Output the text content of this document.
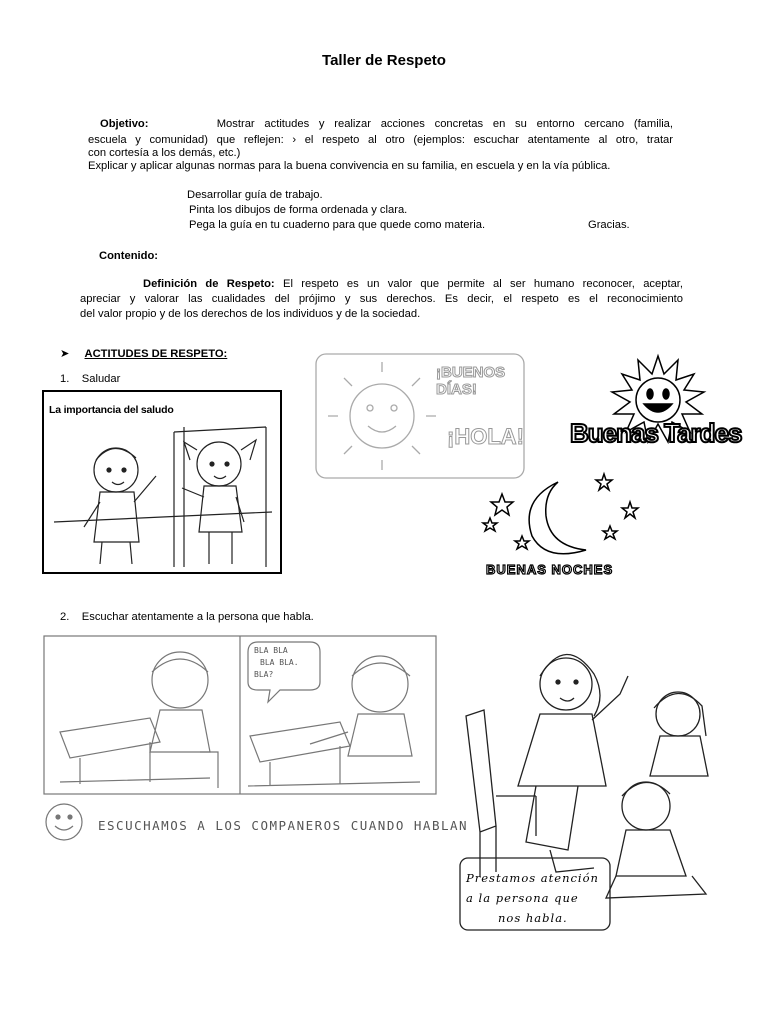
Taller de Respeto
Objetivo:	Mostrar actitudes y realizar acciones concretas en su entorno cercano (familia,
escuela y comunidad) que reflejen: › el respeto al otro (ejemplos: escuchar atentamente al otro, tratar
con cortesía a los demás, etc.)
Explicar y aplicar algunas normas para la buena convivencia en su familia, en escuela y en la vía pública.
Desarrollar guía de trabajo.
Pinta los dibujos de forma ordenada y clara.
Pega la guía en tu cuaderno para que quede como materia.	Gracias.
Contenido:
Definición de Respeto: El respeto es un valor que permite al ser humano reconocer, aceptar,
apreciar y valorar las cualidades del prójimo y sus derechos. Es decir, el respeto es el reconocimiento
del valor propio y de los derechos de los individuos y de la sociedad.
➤ ACTITUDES DE RESPETO:
1. Saludar
La importancia del saludo
¡BUENOS DÍAS!
¡HOLA! Buenas Tardes
BUENAS NOCHES
2. Escuchar atentamente a la persona que habla.
BLA BLA
BLA BLA.
BLA?
ESCUCHAMOS A LOS COMPANEROS CUANDO HABLAN
Prestamos atención
a la persona que
nos habla.
